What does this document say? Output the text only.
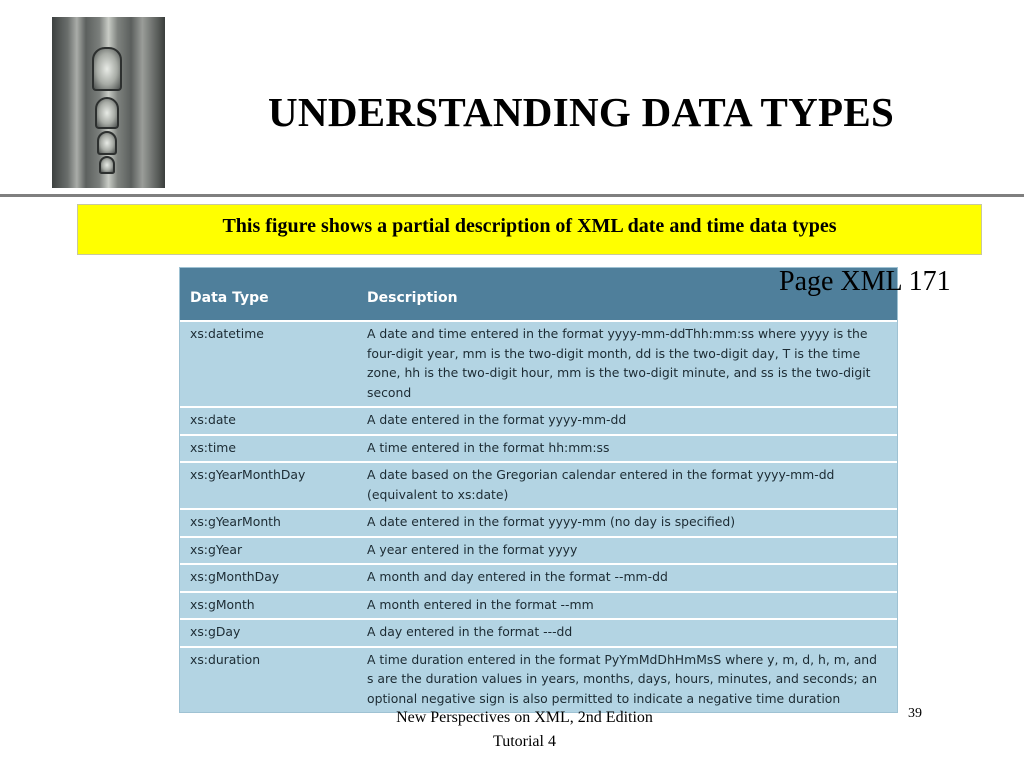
UNDERSTANDING DATA TYPES
This figure shows a partial description of XML date and time data types
Data Type	Description
xs:datetime	A date and time entered in the format yyyy-mm-ddThh:mm:ss where yyyy is the four-digit year, mm is the two-digit month, dd is the two-digit day, T is the time zone, hh is the two-digit hour, mm is the two-digit minute, and ss is the two-digit second
xs:date	A date entered in the format yyyy-mm-dd
xs:time	A time entered in the format hh:mm:ss
xs:gYearMonthDay	A date based on the Gregorian calendar entered in the format yyyy-mm-dd (equivalent to xs:date)
xs:gYearMonth	A date entered in the format yyyy-mm (no day is specified)
xs:gYear	A year entered in the format yyyy
xs:gMonthDay	A month and day entered in the format --mm-dd
xs:gMonth	A month entered in the format --mm
xs:gDay	A day entered in the format ---dd
xs:duration	A time duration entered in the format PyYmMdDhHmMsS where y, m, d, h, m, and s are the duration values in years, months, days, hours, minutes, and seconds; an optional negative sign is also permitted to indicate a negative time duration
Page XML 171
New Perspectives on XML, 2nd Edition
Tutorial 4
39
